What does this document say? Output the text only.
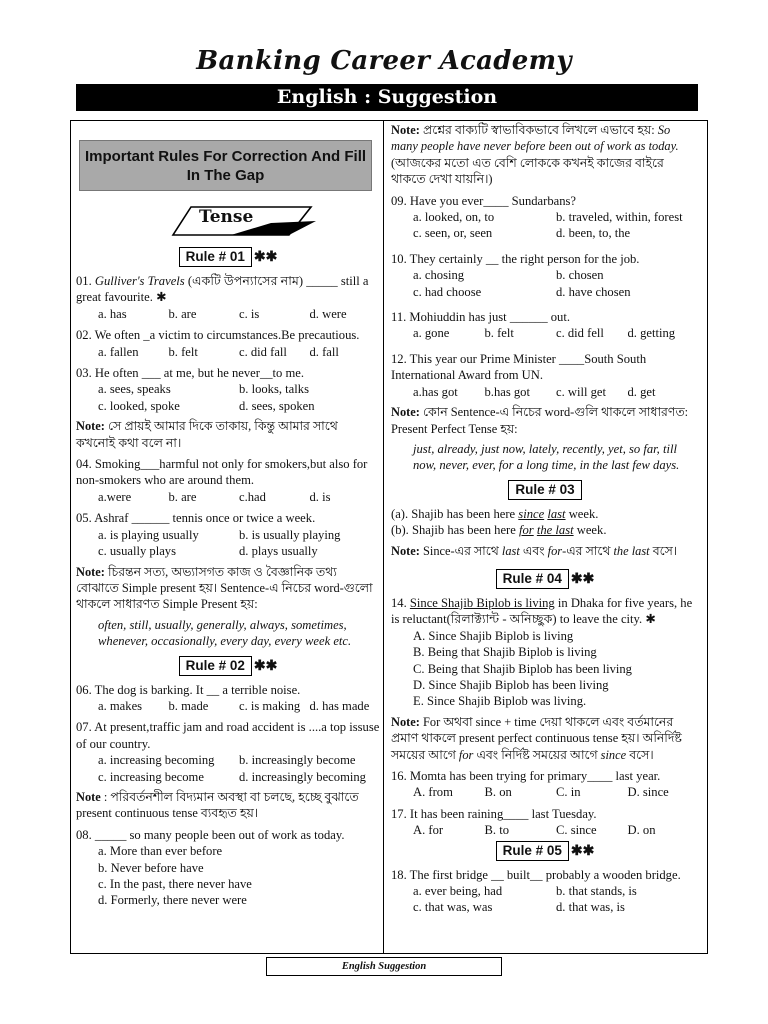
Banking Career Academy
English : Suggestion
Important Rules For Correction And Fill In The Gap
Tense
Rule # 01 ✱✱
01. Gulliver's Travels (একটি উপন্যাসের নাম) _____ still a great favourite. ✱
a. has	b. are	c. is	d. were
02. We often _a victim to circumstances.Be precautious.
a. fallen	b. felt	c. did fall	d. fall
03. He often ___ at me, but he never__to me.
a. sees, speaks	b. looks, talks
c. looked, spoke	d. sees, spoken
Note: সে প্রায়ই আমার দিকে তাকায়, কিন্তু আমার সাথে কখনোই কথা বলে না।
04. Smoking___harmful not only for smokers,but also for non-smokers who are around them.
a.were	b. are	c.had	d. is
05. Ashraf ______ tennis once or twice a week.
a. is playing usually	b. is usually playing
c. usually plays	d. plays usually
Note: চিরন্তন সত্য, অভ্যাসগত কাজ ও বৈজ্ঞানিক তথ্য বোঝাতে Simple present হয়। Sentence-এ নিচের word-গুলো থাকলে সাধারণত Simple Present হয়:
often, still, usually, generally, always, sometimes, whenever, occasionally, every day, every week etc.
Rule # 02 ✱✱
06. The dog is barking. It __ a terrible noise.
a. makes	b. made	c. is making d. has made
07. At present,traffic jam and road accident is ....a top issuse of our country.
a. increasing becoming	b. increasingly become
c. increasing become	d. increasingly becoming
Note : পরিবর্তনশীল বিদ্যমান অবস্থা বা চলছে, হচ্ছে বুঝাতে present continuous tense ব্যবহৃত হয়।
08. _____ so many people been out of work as today.
a. More than ever before
b. Never before have
c. In the past, there never have
d. Formerly, there never were
Note: প্রশ্নের বাক্যটি স্বাভাবিকভাবে লিখলে এভাবে হয়: So many people have never before been out of work as today. (আজকের মতো এত বেশি লোককে কখনই কাজের বাইরে থাকতে দেখা যায়নি।)
09. Have you ever____ Sundarbans?
a. looked, on, to	b. traveled, within, forest
c. seen, or, seen	d. been, to, the
10. They certainly __ the right person for the job.
a. chosing	b. chosen
c. had choose	d. have chosen
11. Mohiuddin has just ______ out.
a. gone	b. felt	c. did fell	d. getting
12. This year our Prime Minister ____South South International Award from UN.
a.has got	b.has got	c. will get	d. get
Note: কোন Sentence-এ নিচের word-গুলি থাকলে সাধারণত: Present Perfect Tense হয়:
just, already, just now, lately, recently, yet, so far, till now, never, ever, for a long time, in the last few days.
Rule # 03
(a). Shajib has been here since last week.
(b). Shajib has been here for the last week.
Note: Since-এর সাথে last এবং for-এর সাথে the last বসে।
Rule # 04 ✱✱
14. Since Shajib Biplob is living in Dhaka for five years, he is reluctant(রিলাক্ট্যান্ট - অনিচ্ছুক) to leave the city. ✱
A. Since Shajib Biplob is living
B. Being that Shajib Biplob is living
C. Being that Shajib Biplob has been living
D. Since Shajib Biplob has been living
E. Since Shajib Biplob was living.
Note: For অথবা since + time দেয়া থাকলে এবং বর্তমানের প্রমাণ থাকলে present perfect continuous tense হয়। অনির্দিষ্ট সময়ের আগে for এবং নির্দিষ্ট সময়ের আগে since বসে।
16. Momta has been trying for primary____ last year.
A. from	B. on	C. in	D. since
17. It has been raining____ last Tuesday.
A. for	B. to	C. since	D. on
Rule # 05 ✱✱
18. The first bridge __ built__ probably a wooden bridge.
a. ever being, had	b. that stands, is
c. that was, was	d. that was, is
English Suggestion
